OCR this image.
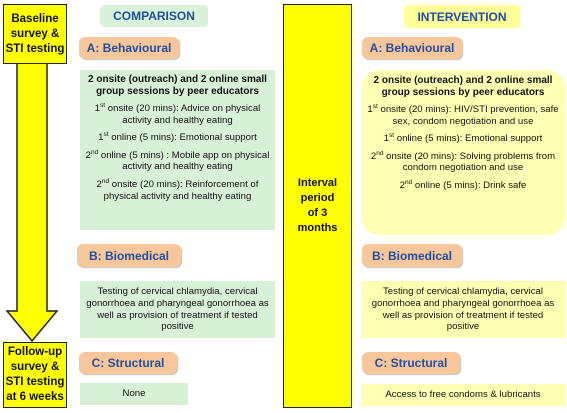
Baseline
survey &
STI testing
Follow-up
survey &
STI testing
at 6 weeks
Interval
period
of 3
months
COMPARISON
A: Behavioural
2 onsite (outreach) and 2 online small group sessions by peer educators
1st onsite (20 mins): Advice on physical activity and healthy eating
1st online (5 mins): Emotional support
2nd online (5 mins) : Mobile app on physical activity and healthy eating
2nd onsite (20 mins): Reinforcement of physical activity and healthy eating
B: Biomedical
Testing of cervical chlamydia, cervical gonorrhoea and pharyngeal gonorrhoea as well as provision of treatment if tested positive
C: Structural
None
INTERVENTION
A: Behavioural
2 onsite (outreach) and 2 online small group sessions by peer educators
1st onsite (20 mins): HIV/STI prevention, safe sex, condom negotiation and use
1st online (5 mins): Emotional support
2nd onsite (20 mins): Solving problems from condom negotiation and use
2nd online (5 mins): Drink safe
B: Biomedical
Testing of cervical chlamydia, cervical gonorrhoea and pharyngeal gonorrhoea as well as provision of treatment if tested positive
C: Structural
Access to free condoms & lubricants
